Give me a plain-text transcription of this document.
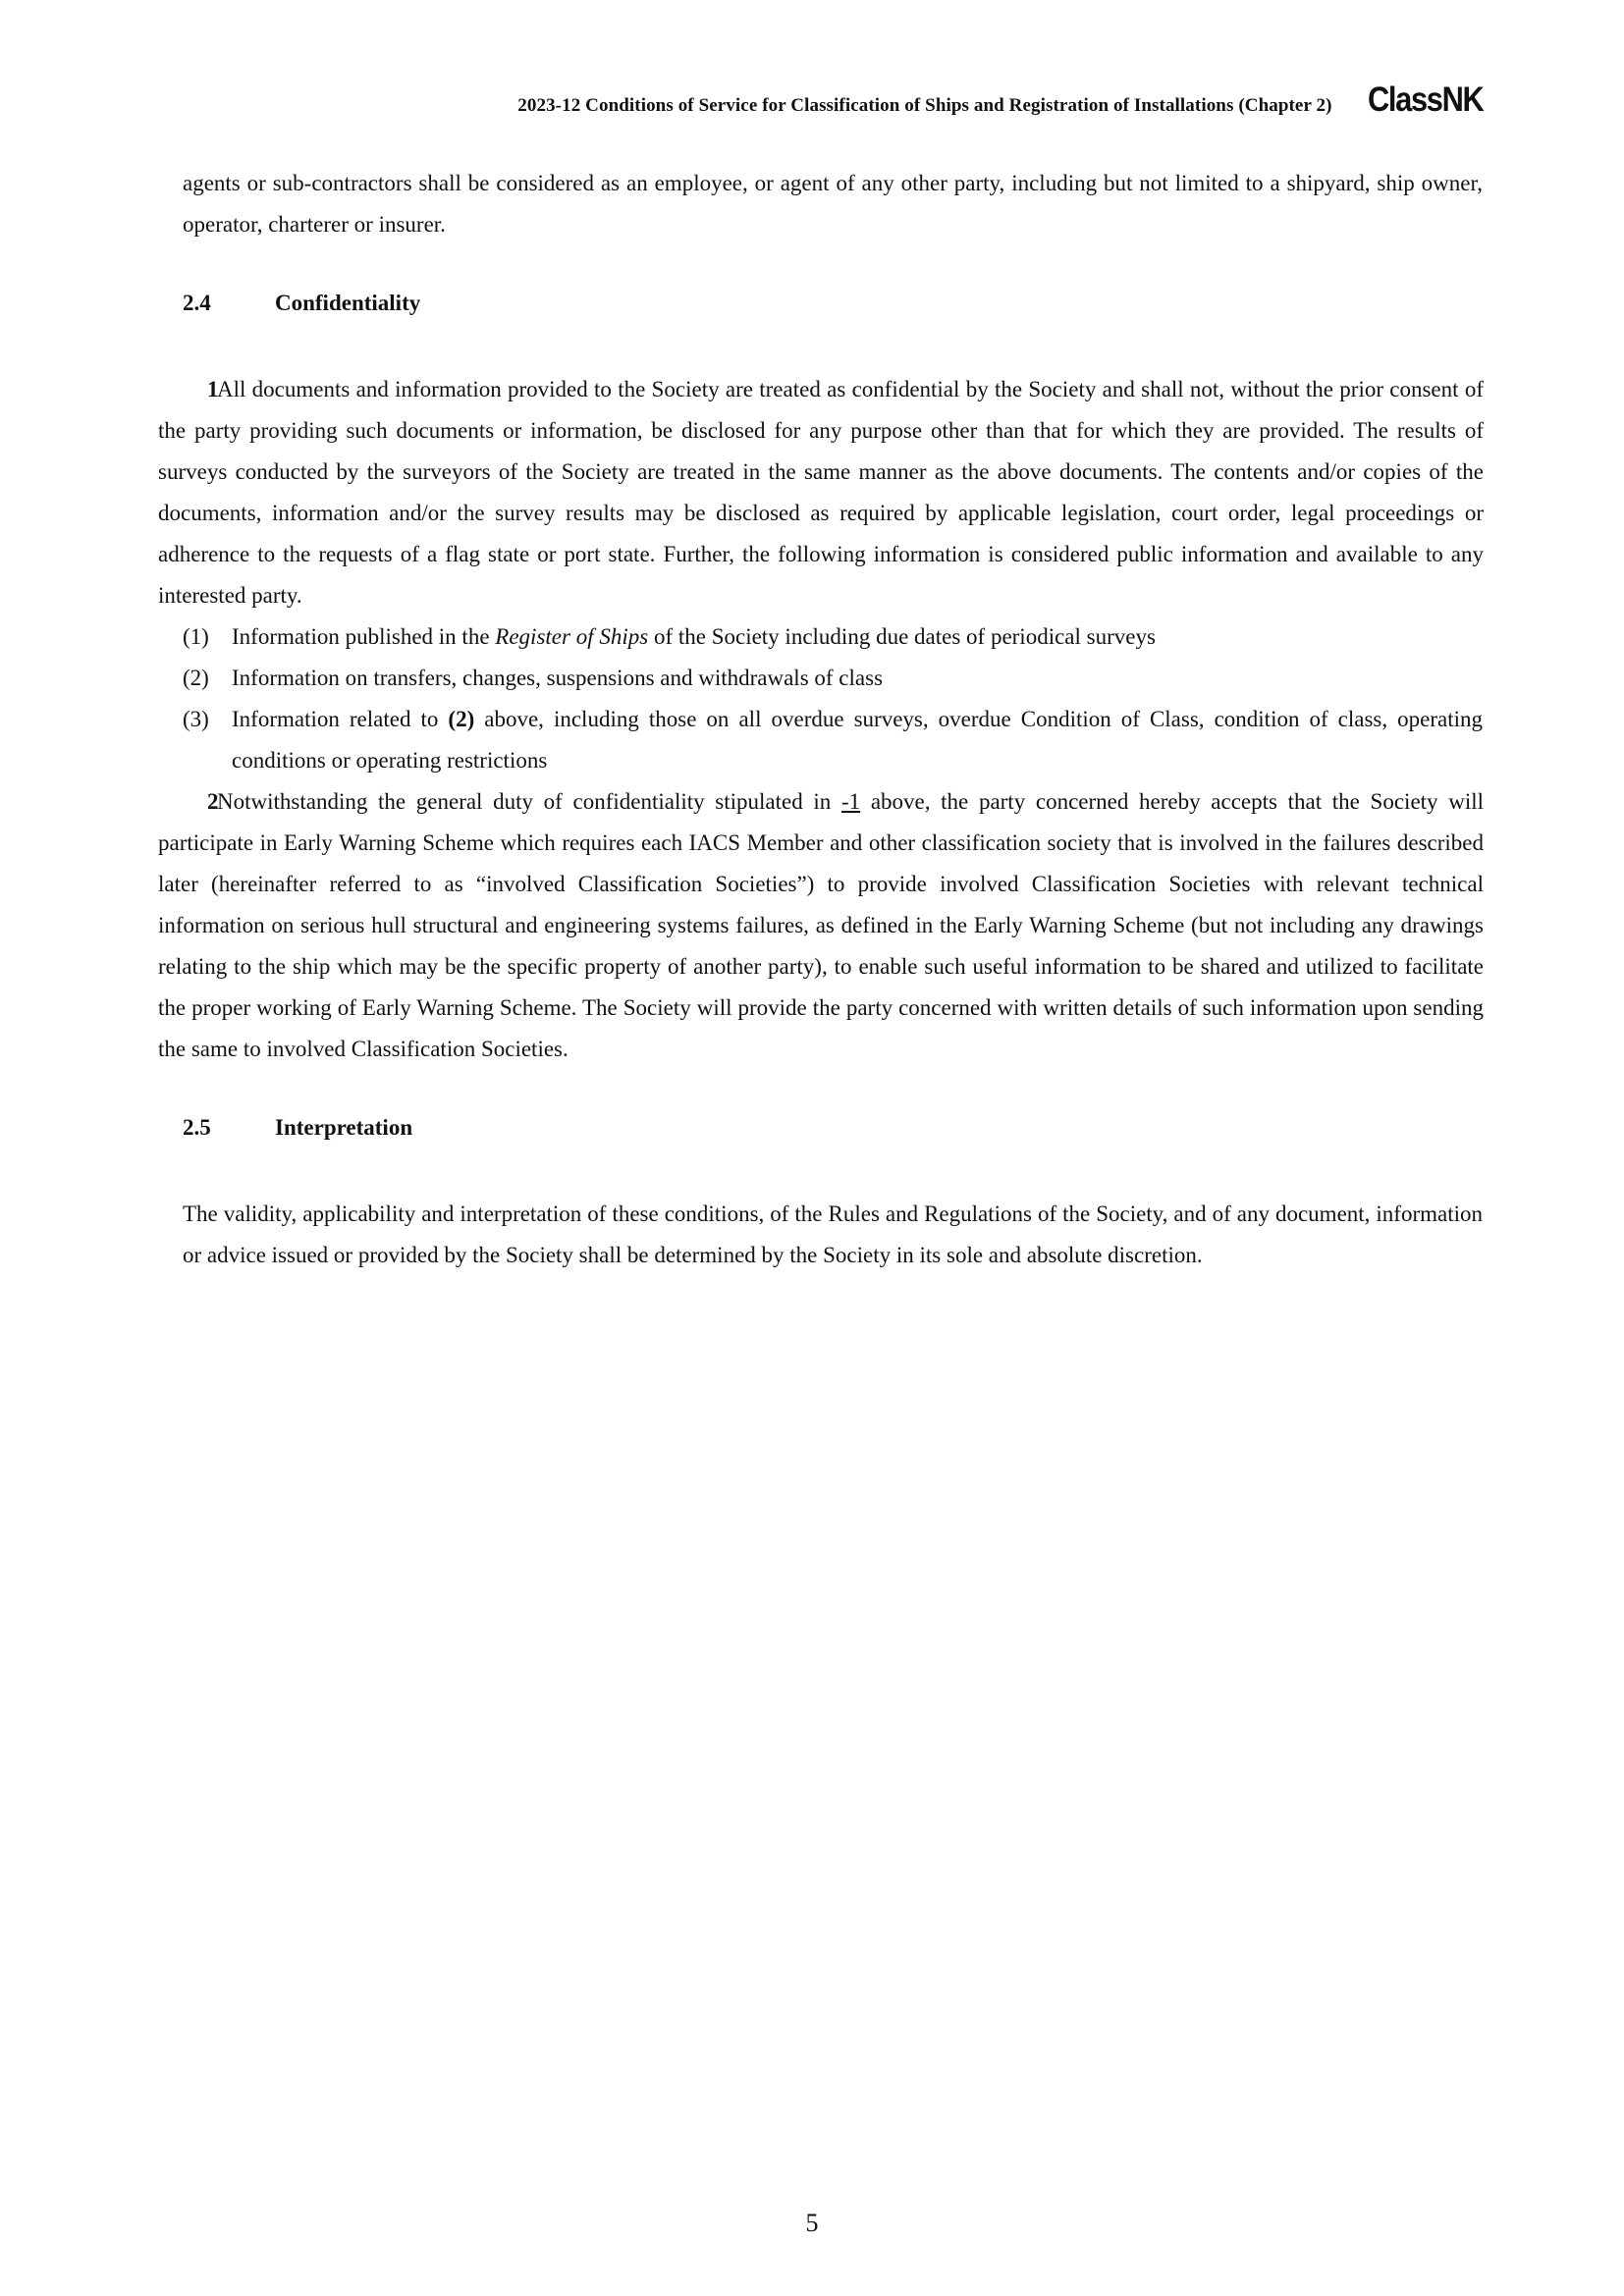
2023-12 Conditions of Service for Classification of Ships and Registration of Installations (Chapter 2) ClassNK
agents or sub-contractors shall be considered as an employee, or agent of any other party, including but not limited to a shipyard, ship owner, operator, charterer or insurer.
2.4	Confidentiality
1All documents and information provided to the Society are treated as confidential by the Society and shall not, without the prior consent of the party providing such documents or information, be disclosed for any purpose other than that for which they are provided. The results of surveys conducted by the surveyors of the Society are treated in the same manner as the above documents. The contents and/or copies of the documents, information and/or the survey results may be disclosed as required by applicable legislation, court order, legal proceedings or adherence to the requests of a flag state or port state. Further, the following information is considered public information and available to any interested party.
(1)	Information published in the Register of Ships of the Society including due dates of periodical surveys
(2)	Information on transfers, changes, suspensions and withdrawals of class
(3)	Information related to (2) above, including those on all overdue surveys, overdue Condition of Class, condition of class, operating conditions or operating restrictions
2Notwithstanding the general duty of confidentiality stipulated in -1 above, the party concerned hereby accepts that the Society will participate in Early Warning Scheme which requires each IACS Member and other classification society that is involved in the failures described later (hereinafter referred to as “involved Classification Societies”) to provide involved Classification Societies with relevant technical information on serious hull structural and engineering systems failures, as defined in the Early Warning Scheme (but not including any drawings relating to the ship which may be the specific property of another party), to enable such useful information to be shared and utilized to facilitate the proper working of Early Warning Scheme. The Society will provide the party concerned with written details of such information upon sending the same to involved Classification Societies.
2.5	Interpretation
The validity, applicability and interpretation of these conditions, of the Rules and Regulations of the Society, and of any document, information or advice issued or provided by the Society shall be determined by the Society in its sole and absolute discretion.
5
